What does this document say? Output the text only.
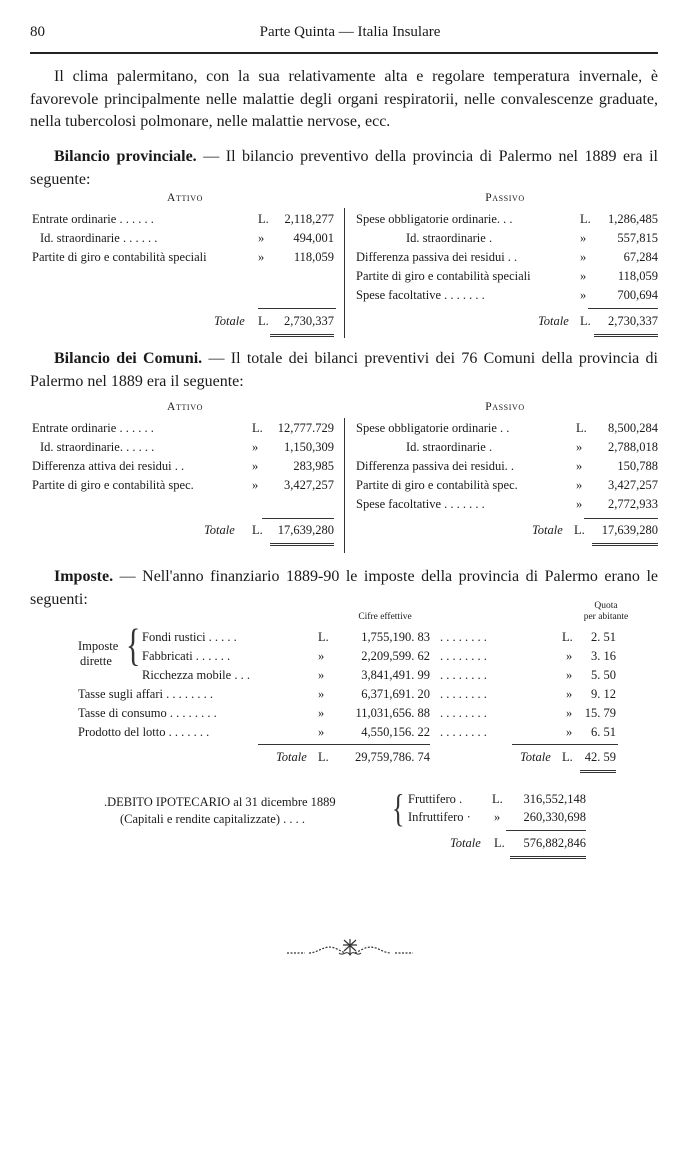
80	Parte Quinta — Italia Insulare
Il clima palermitano, con la sua relativamente alta e regolare temperatura invernale, è favorevole principalmente nelle malattie degli organi respiratorii, nelle convalescenze graduate, nella tubercolosi polmonare, nelle malattie nervose, ecc.
Bilancio provinciale. — Il bilancio preventivo della provincia di Palermo nel 1889 era il seguente:
Attivo	Passivo
Entrate ordinarie . . . . . .	L.	2,118,277
Id. straordinarie . . . . . .	»	494,001
Partite di giro e contabilità speciali	»	118,059
Spese obbligatorie ordinarie. . .	L.	1,286,485
Id. straordinarie .	»	557,815
Differenza passiva dei residui . .	»	67,284
Partite di giro e contabilità speciali	»	118,059
Spese facoltative . . . . . . .	»	700,694
Totale L.	2,730,337	Totale L.	2,730,337
Bilancio dei Comuni. — Il totale dei bilanci preventivi dei 76 Comuni della provincia di Palermo nel 1889 era il seguente:
Attivo	Passivo
Entrate ordinarie . . . . . .	L.	12,777.729
Id. straordinarie. . . . . .	»	1,150,309
Differenza attiva dei residui . .	»	283,985
Partite di giro e contabilità spec.	»	3,427,257
Spese obbligatorie ordinarie . .	L.	8,500,284
Id. straordinarie .	»	2,788,018
Differenza passiva dei residui. .	»	150,788
Partite di giro e contabilità spec.	»	3,427,257
Spese facoltative . . . . . . .	»	2,772,933
Totale L.	17,639,280	Totale L.	17,639,280
Imposte. — Nell'anno finanziario 1889-90 le imposte della provincia di Palermo erano le seguenti:
Cifre effettive
Quota
per abitante
Imposte
dirette { Fondi rustici . . . . .	L.	1,755,190. 83 . . . . . . . .	L.	2. 51
Fabbricati . . . . . .	»	2,209,599. 62 . . . . . . . .	»	3. 16
Ricchezza mobile . . .	»	3,841,491. 99 . . . . . . . .	»	5. 50
Tasse sugli affari . . . . . . . .	»	6,371,691. 20 . . . . . . . .	»	9. 12
Tasse di consumo . . . . . . . .	»	11,031,656. 88 . . . . . . . .	»	15. 79
Prodotto del lotto . . . . . . .	»	4,550,156. 22 . . . . . . . .	»	6. 51
Totale L.	29,759,786. 74	Totale L. 42. 59
.DEBITO IPOTECARIO al 31 dicembre 1889
(Capitali e rendite capitalizzate) . . . .	{ Fruttifero . L.	316,552,148
Infruttifero · »	260,330,698
Totale L.	576,882,846
